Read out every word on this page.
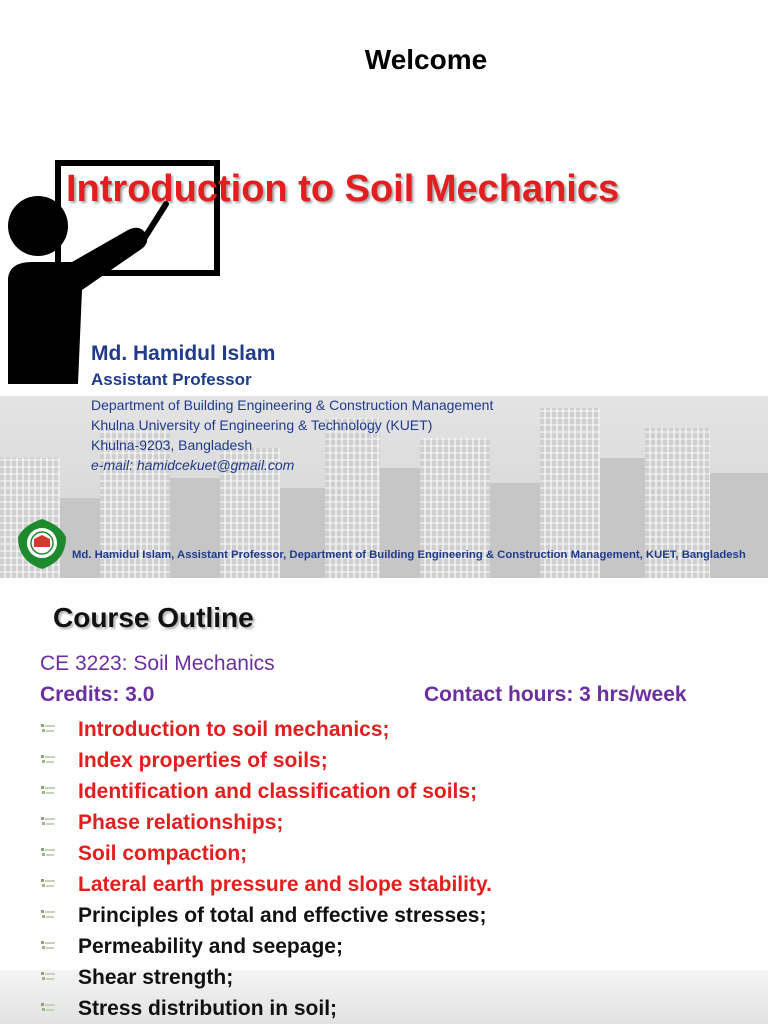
Welcome
Introduction to Soil Mechanics
Md. Hamidul Islam
Assistant Professor
Department of Building Engineering & Construction Management
Khulna University of Engineering & Technology (KUET)
Khulna-9203, Bangladesh
e-mail: hamidcekuet@gmail.com
Md. Hamidul Islam, Assistant Professor, Department of Building Engineering & Construction Management, KUET, Bangladesh
Course Outline
CE 3223: Soil Mechanics
Credits: 3.0	Contact hours: 3 hrs/week
Introduction to soil mechanics;
Index properties of soils;
Identification and classification of soils;
Phase relationships;
Soil compaction;
Lateral earth pressure and slope stability.
Principles of total and effective stresses;
Permeability and seepage;
Shear strength;
Stress distribution in soil;
